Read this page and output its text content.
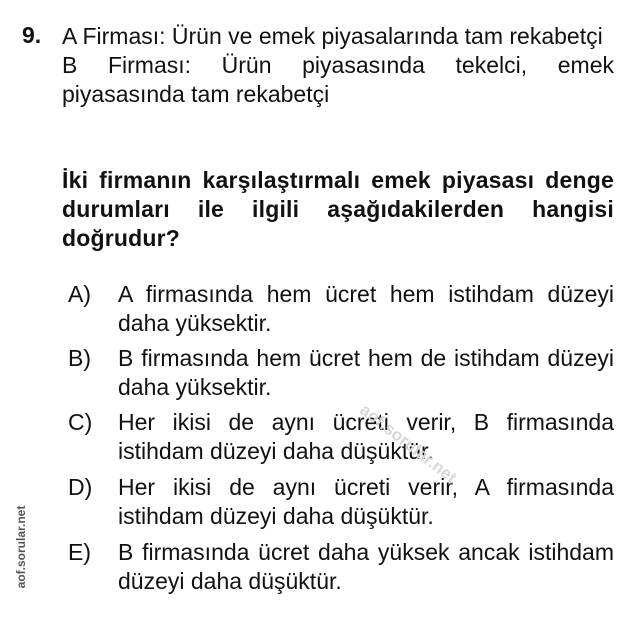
9. A Firması: Ürün ve emek piyasalarında tam rekabetçi

B Firması: Ürün piyasasında tekelci, emek piyasasında tam rekabetçi

İki firmanın karşılaştırmalı emek piyasası denge durumları ile ilgili aşağıdakilerden hangisi doğrudur?
A)	A firmasında hem ücret hem istihdam düzeyi daha yüksektir.
B)	B firmasında hem ücret hem de istihdam düzeyi daha yüksektir.
C)	Her ikisi de aynı ücreti verir, B firmasında istihdam düzeyi daha düşüktür.
D)	Her ikisi de aynı ücreti verir, A firmasında istihdam düzeyi daha düşüktür.
E)	B firmasında ücret daha yüksek ancak istihdam düzeyi daha düşüktür.
aof.sorular.net
aof.sorular.net
